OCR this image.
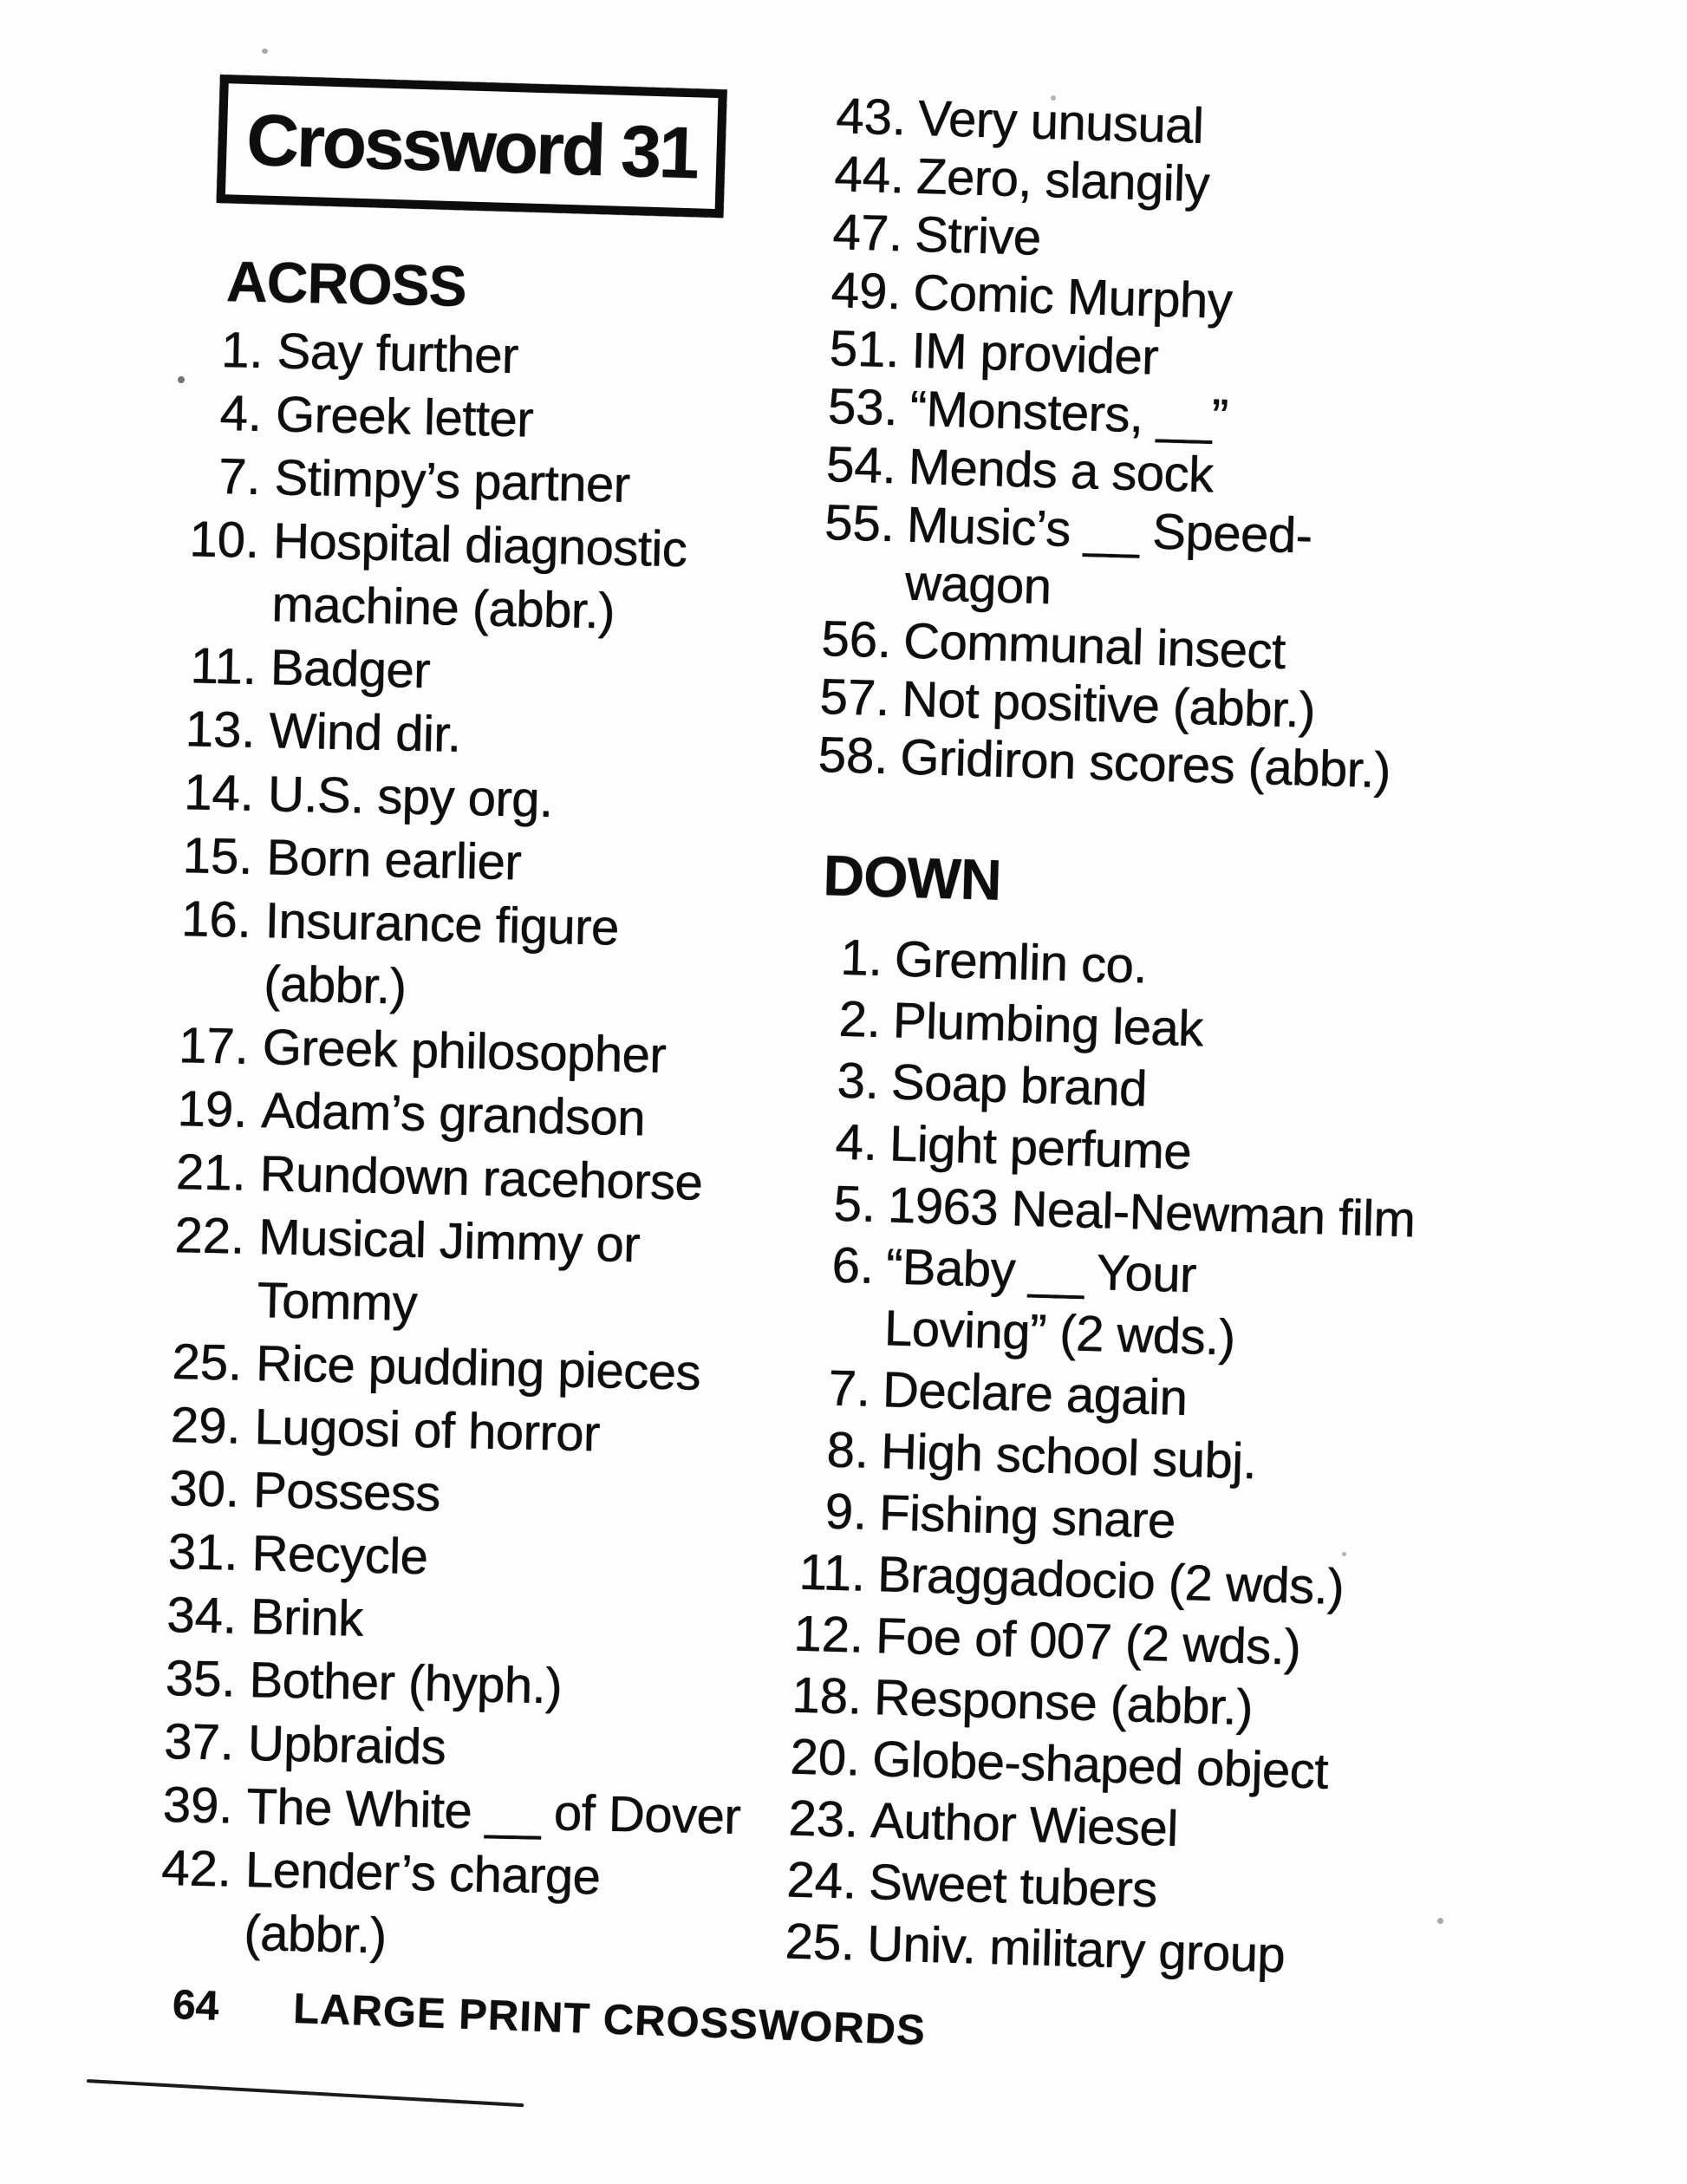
Crossword 31
ACROSS
1. Say further
4. Greek letter
7. Stimpy’s partner
10. Hospital diagnostic
machine (abbr.)
11. Badger
13. Wind dir.
14. U.S. spy org.
15. Born earlier
16. Insurance figure
(abbr.)
17. Greek philosopher
19. Adam’s grandson
21. Rundown racehorse
22. Musical Jimmy or
Tommy
25. Rice pudding pieces
29. Lugosi of horror
30. Possess
31. Recycle
34. Brink
35. Bother (hyph.)
37. Upbraids
39. The White __ of Dover
42. Lender’s charge
(abbr.)
43. Very unusual
44. Zero, slangily
47. Strive
49. Comic Murphy
51. IM provider
53. “Monsters, __”
54. Mends a sock
55. Music’s __ Speed-
wagon
56. Communal insect
57. Not positive (abbr.)
58. Gridiron scores (abbr.)
DOWN
1. Gremlin co.
2. Plumbing leak
3. Soap brand
4. Light perfume
5. 1963 Neal-Newman film
6. “Baby __ Your
Loving” (2 wds.)
7. Declare again
8. High school subj.
9. Fishing snare
11. Braggadocio (2 wds.)
12. Foe of 007 (2 wds.)
18. Response (abbr.)
20. Globe-shaped object
23. Author Wiesel
24. Sweet tubers
25. Univ. military group
64 LARGE PRINT CROSSWORDS
